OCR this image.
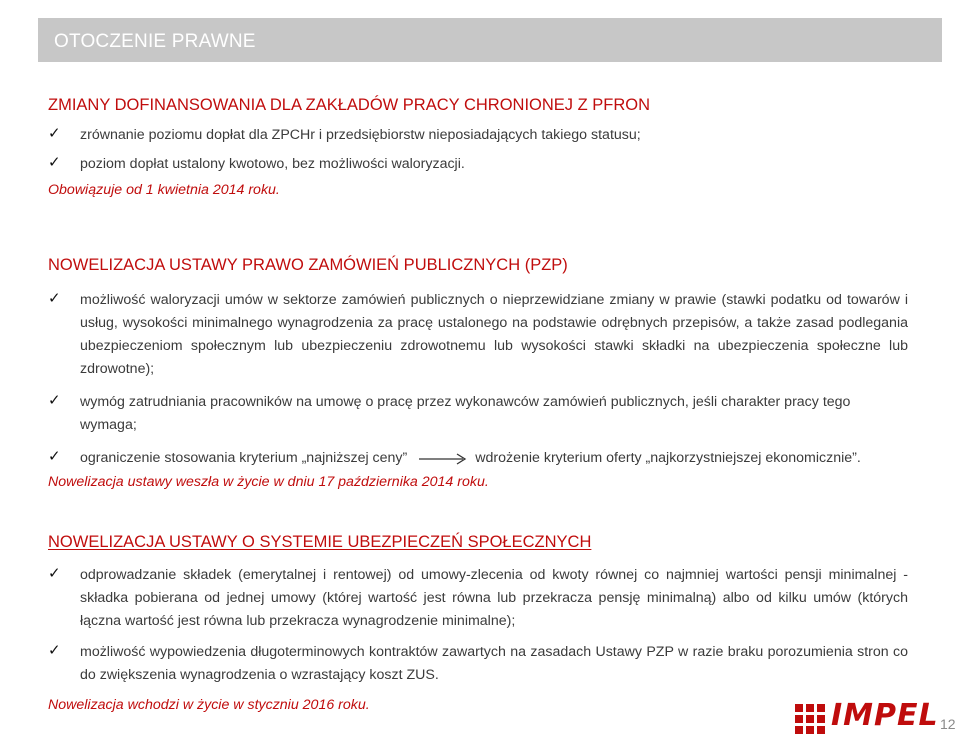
OTOCZENIE PRAWNE
ZMIANY DOFINANSOWANIA DLA ZAKŁADÓW PRACY CHRONIONEJ Z PFRON
✓ zrównanie poziomu dopłat dla ZPCHr i przedsiębiorstw nieposiadających takiego statusu;
✓ poziom dopłat ustalony kwotowo, bez możliwości waloryzacji.
Obowiązuje od 1 kwietnia 2014 roku.
NOWELIZACJA USTAWY PRAWO ZAMÓWIEŃ PUBLICZNYCH (PZP)
✓ możliwość waloryzacji umów w sektorze zamówień publicznych o nieprzewidziane zmiany w prawie (stawki podatku od towarów i usług, wysokości minimalnego wynagrodzenia za pracę ustalonego na podstawie odrębnych przepisów, a także zasad podlegania ubezpieczeniom społecznym lub ubezpieczeniu zdrowotnemu lub wysokości stawki składki na ubezpieczenia społeczne lub zdrowotne);
✓ wymóg zatrudniania pracowników na umowę o pracę przez wykonawców zamówień publicznych, jeśli charakter pracy tego wymaga;
✓ ograniczenie stosowania kryterium „najniższej ceny”	wdrożenie kryterium oferty „najkorzystniejszej ekonomicznie”.
Nowelizacja ustawy weszła w życie w dniu 17 października 2014 roku.
NOWELIZACJA USTAWY O SYSTEMIE UBEZPIECZEŃ SPOŁECZNYCH
✓ odprowadzanie składek (emerytalnej i rentowej) od umowy-zlecenia od kwoty równej co najmniej wartości pensji minimalnej - składka pobierana od jednej umowy (której wartość jest równa lub przekracza pensję minimalną) albo od kilku umów (których łączna wartość jest równa lub przekracza wynagrodzenie minimalne);
✓ możliwość wypowiedzenia długoterminowych kontraktów zawartych na zasadach Ustawy PZP w razie braku porozumienia stron co do zwiększenia wynagrodzenia o wzrastający koszt ZUS.
Nowelizacja wchodzi w życie w styczniu 2016 roku.	IMPEL 12
